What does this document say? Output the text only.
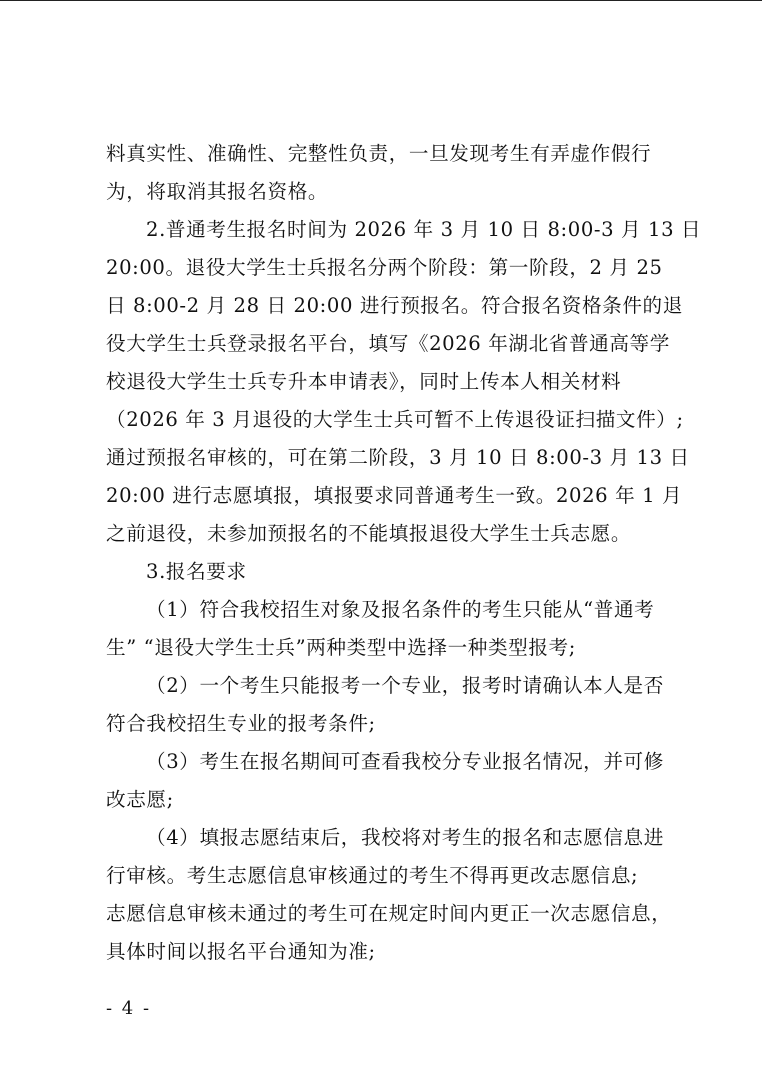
料真实性、准确性、完整性负责，一旦发现考生有弄虚作假行
为，将取消其报名资格。
2.普通考生报名时间为 2026 年 3 月 10 日 8:00-3 月 13 日
20:00。退役大学生士兵报名分两个阶段：第一阶段，2 月 25
日 8:00-2 月 28 日 20:00 进行预报名。符合报名资格条件的退
役大学生士兵登录报名平台，填写《2026 年湖北省普通高等学
校退役大学生士兵专升本申请表》，同时上传本人相关材料
（2026 年 3 月退役的大学生士兵可暂不上传退役证扫描文件）;
通过预报名审核的，可在第二阶段，3 月 10 日 8:00-3 月 13 日
20:00 进行志愿填报，填报要求同普通考生一致。2026 年 1 月
之前退役，未参加预报名的不能填报退役大学生士兵志愿。
3.报名要求
（1）符合我校招生对象及报名条件的考生只能从“普通考
生” “退役大学生士兵”两种类型中选择一种类型报考;
（2）一个考生只能报考一个专业，报考时请确认本人是否
符合我校招生专业的报考条件;
（3）考生在报名期间可查看我校分专业报名情况，并可修
改志愿;
（4）填报志愿结束后，我校将对考生的报名和志愿信息进
行审核。考生志愿信息审核通过的考生不得再更改志愿信息;
志愿信息审核未通过的考生可在规定时间内更正一次志愿信息，
具体时间以报名平台通知为准;
- 4 -
